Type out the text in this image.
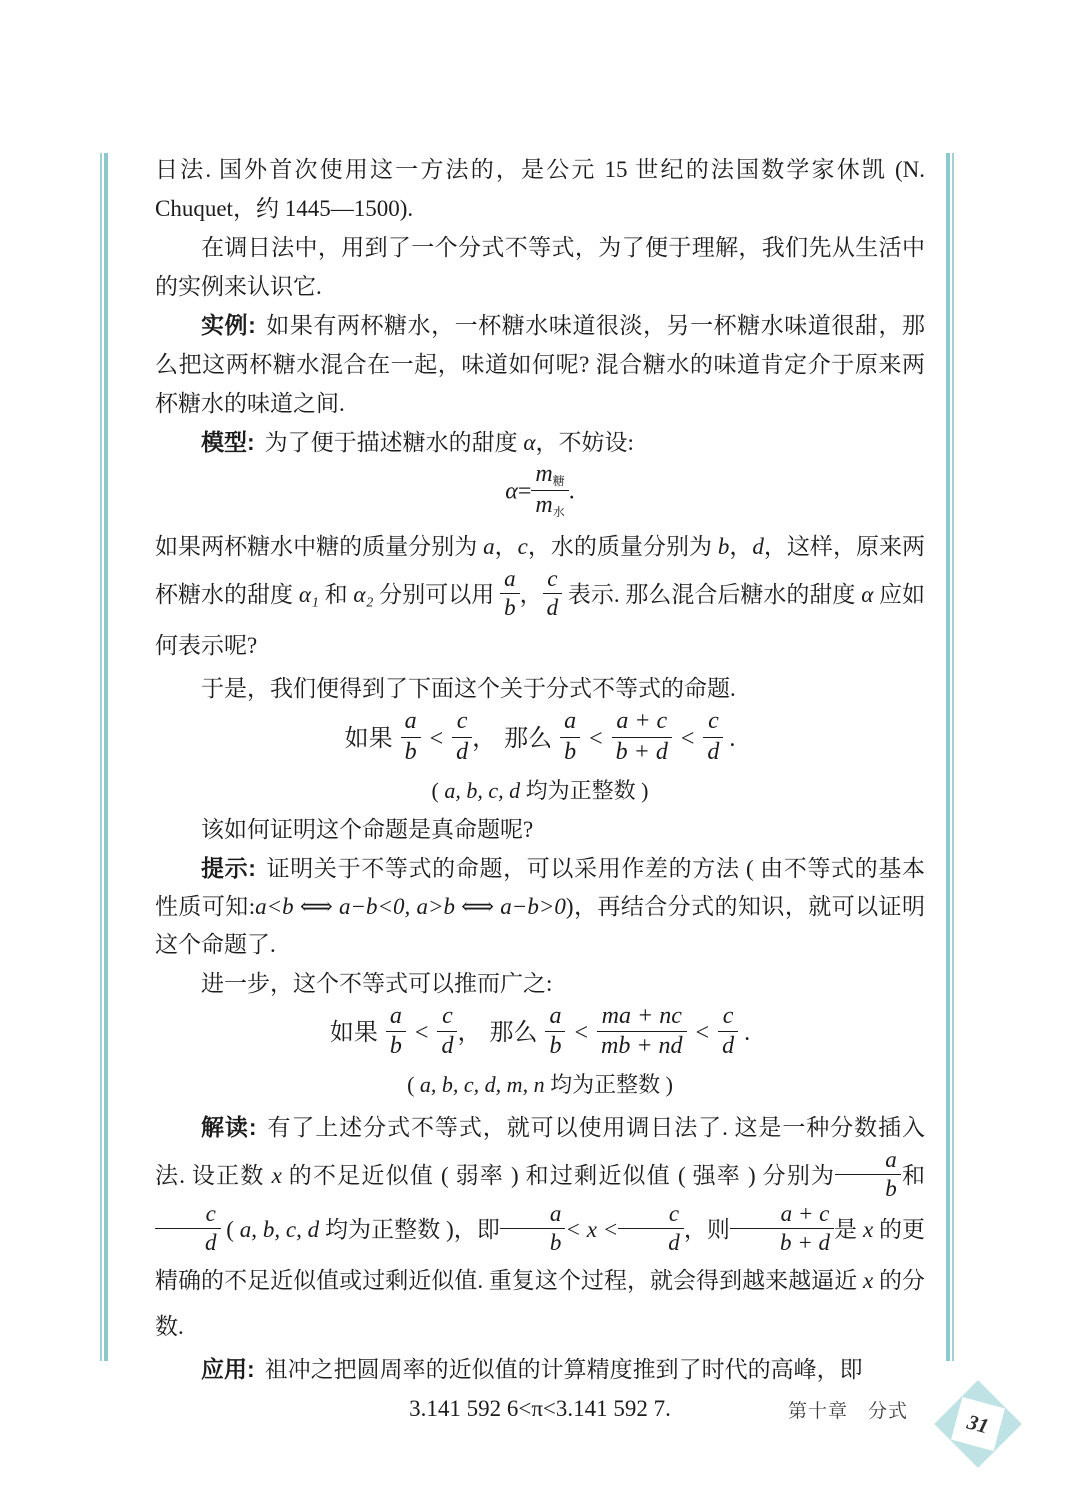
日法. 国外首次使用这一方法的，是公元 15 世纪的法国数学家休凯 (N. Chuquet，约 1445—1500).

在调日法中，用到了一个分式不等式，为了便于理解，我们先从生活中的实例来认识它.

实例: 如果有两杯糖水，一杯糖水味道很淡，另一杯糖水味道很甜，那么把这两杯糖水混合在一起，味道如何呢? 混合糖水的味道肯定介于原来两杯糖水的味道之间.

模型: 为了便于描述糖水的甜度 α，不妨设:

$\alpha= \frac{\text{m糖}}{\text{m水}}$ .

如果两杯糖水中糖的质量分别为 a，c，水的质量分别为 b，d，这样，原来两杯糖水的甜度 α₁ 和 α₂ 分别可以用 $\frac{a}{b}$ ， $\frac{c}{d}$ 表示. 那么混合后糖水的甜度 α 应如何表示呢?

于是，我们便得到了下面这个关于分式不等式的命题.

如果 $\frac{a}{b} < \frac{c}{d}$ ， 那么 $\frac{a}{b} < \frac{a + c}{b + d} < \frac{c}{d}$ .

( a, b, c, d 均为正整数 )

该如何证明这个命题是真命题呢?

提示: 证明关于不等式的命题，可以采用作差的方法 ( 由不等式的基本性质可知:a<b ⟺ a−b<0, a>b ⟺ a−b>0)，再结合分式的知识，就可以证明这个命题了.

进一步，这个不等式可以推而广之:

如果 $\frac{a}{b} < \frac{c}{d}$ ， 那么 $\frac{a}{b} < \frac{ma + nc}{mb + nd} < \frac{c}{d}$ .

( a, b, c, d, m, n 均为正整数 )

解读: 有了上述分式不等式，就可以使用调日法了. 这是一种分数插入法. 设正数 x 的不足近似值 ( 弱率 ) 和过剩近似值 ( 强率 ) 分别为 $\frac{a}{b}$ 和
$\frac{c}{d}$ ( a, b, c, d 均为正整数 )，即 $\frac{a}{b} < x < \frac{c}{d}$ ，则 $\frac{a + c}{b + d}$ 是 x 的更精确的不足近似值或过剩近似值. 重复这个过程，就会得到越来越逼近 x 的分数.

应用: 祖冲之把圆周率的近似值的计算精度推到了时代的高峰，即

3.141 592 6<π<3.141 592 7.	第十章　分式	31
